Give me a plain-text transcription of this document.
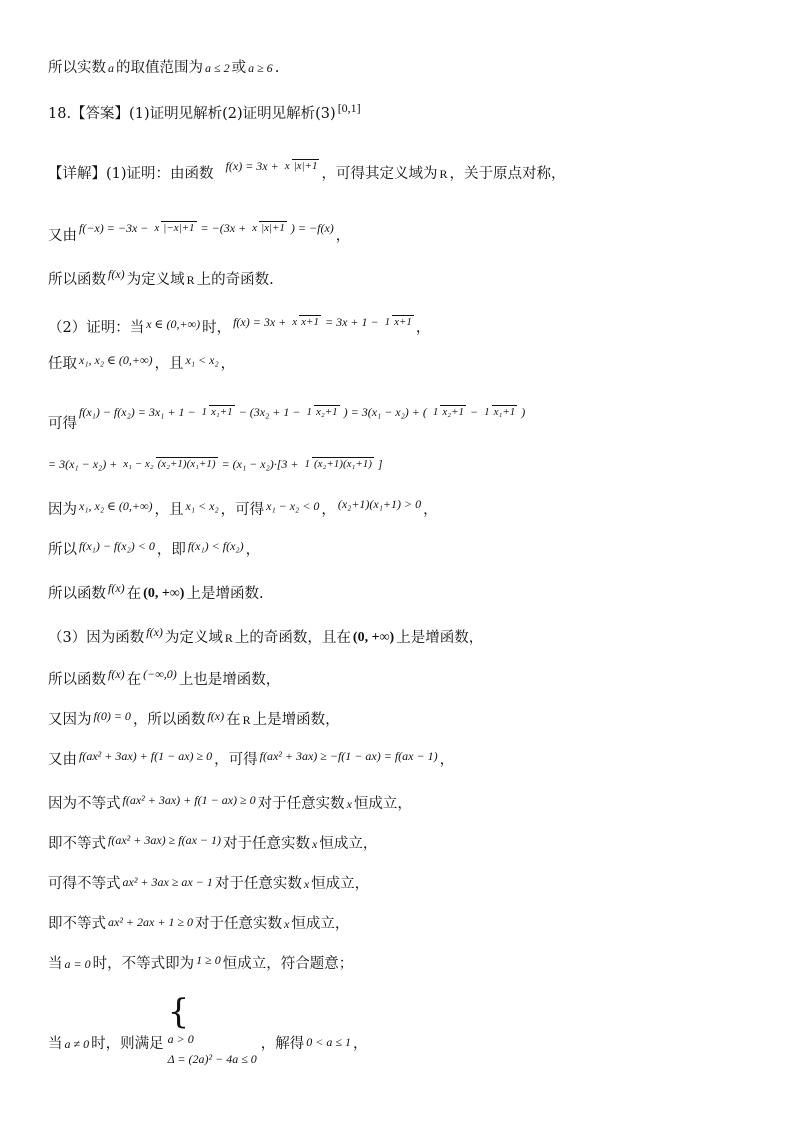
所以实数 a 的取值范围为 a ≤ 2 或 a ≥ 6 .
18.【答案】(1)证明见解析(2)证明见解析(3) [0,1]
【详解】(1)证明：由函数 f(x) = 3x + x |x|+1 ，可得其定义域为 R ，关于原点对称，
又由 f(−x) = −3x − x |−x|+1 = −(3x + x |x|+1 ) = −f(x) ，
所以函数 f(x) 为定义域 R 上的奇函数.
（2）证明：当 x ∈ (0,+∞) 时， f(x) = 3x + x x+1 = 3x + 1 − 1 x+1 ，
任取 x₁, x₂ ∈ (0,+∞) ，且 x₁ < x₂ ，
可得
f(x₁) − f(x₂) = 3x₁ + 1 − 1 x₁+1 − (3x₂ + 1 − 1 x₂+1 ) = 3(x₁ − x₂) + ( 1 x₂+1 − 1 x₁+1 )
= 3(x₁ − x₂) + x₁ − x₂ (x₂+1)(x₁+1) = (x₁ − x₂)·[3 + 1 (x₂+1)(x₁+1) ]
因为 x₁, x₂ ∈ (0,+∞) ，且 x₁ < x₂ ，可得 x₁ − x₂ < 0 ， (x₂+1)(x₁+1) > 0 ，
所以 f(x₁) − f(x₂) < 0 ，即 f(x₁) < f(x₂) ，
所以函数 f(x) 在 (0, +∞) 上是增函数.
（3）因为函数 f(x) 为定义域 R 上的奇函数，且在 (0, +∞) 上是增函数，
所以函数 f(x) 在 (−∞,0) 上也是增函数，
又因为 f(0) = 0 ，所以函数 f(x) 在 R 上是增函数，
又由 f(ax² + 3ax) + f(1 − ax) ≥ 0 ，可得 f(ax² + 3ax) ≥ −f(1 − ax) = f(ax − 1) ，
因为不等式 f(ax² + 3ax) + f(1 − ax) ≥ 0 对于任意实数 x 恒成立，
即不等式 f(ax² + 3ax) ≥ f(ax − 1) 对于任意实数 x 恒成立，
可得不等式 ax² + 3ax ≥ ax − 1 对于任意实数 x 恒成立，
即不等式 ax² + 2ax + 1 ≥ 0 对于任意实数 x 恒成立，
当 a = 0 时，不等式即为 1 ≥ 0 恒成立，符合题意；
当 a ≠ 0 时，则满足
{
a > 0
Δ = (2a)² − 4a ≤ 0
，解得 0 < a ≤ 1 ，
